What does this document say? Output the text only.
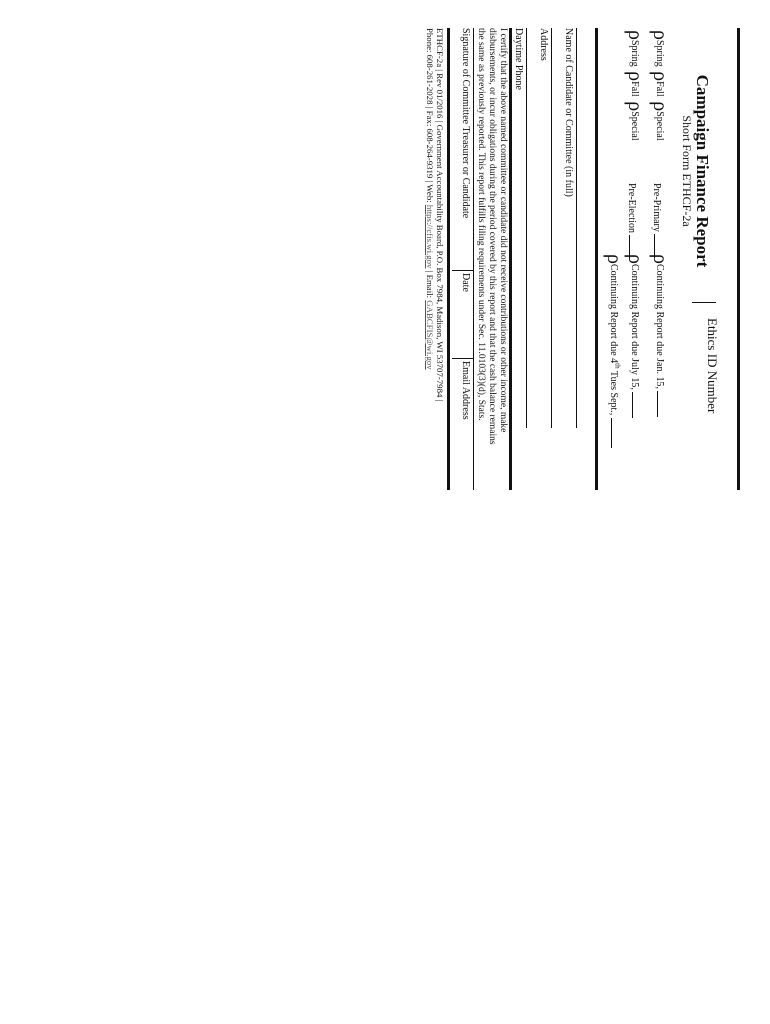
Campaign Finance Report
Short Form ETHCF-2a
Ethics ID Number
ρSpring ρFall ρSpecial
Pre-Primary
ρContinuing Report due Jan. 15,
ρSpring ρFall ρSpecial
Pre-Election
ρContinuing Report due July 15,
ρContinuing Report due 4th Tues Sept.,
Name of Candidate or Committee (in full)
Address
Daytime Phone
I certify that the above named committee or candidate did not receive contributions or other income, make
disbursements, or incur obligations during the period covered by this report and that the cash balance remains
the same as previously reported. This report fulfills filing requirements under Sec. 11.0103(3)(d), Stats.
Signature of Committee Treasurer or Candidate
Date
Email Address
ETHCF-2a | Rev 01/2016 | Government Accountability Board, P.O. Box 7984, Madison, WI 53707-7984 |
Phone: 608-261-2028 | Fax: 608-264-9319 | Web: https://cfis.wi.gov | Email: GABCFIS@wi.gov
